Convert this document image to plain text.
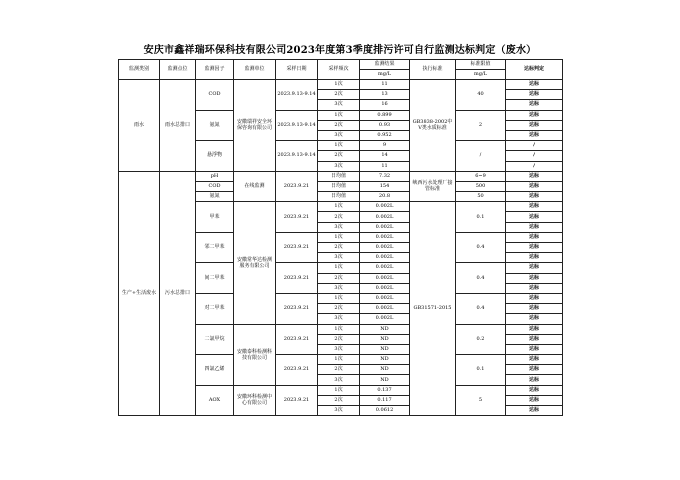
安庆市鑫祥瑞环保科技有限公司2023年度第3季度排污许可自行监测达标判定（废水）
监测类别	监测点位	监测因子	监测单位	采样日期	采样频次	监测结果	执行标准	标准限值	达标判定
						mg/L		mg/L	
雨水	雨水总排口	COD	安徽瑞祥安全环保咨询有限公司	2023.9.13-9.14	1次	11	GB3838-2002中Ⅴ类水质标准	40	达标
					2次	13			达标
					3次	16			达标
		氨氮		2023.9.13-9.14	1次	0.899		2	达标
					2次	0.93			达标
					3次	0.952			达标
		悬浮物		2023.9.13-9.14	1次	9		/	/
					2次	14			/
					3次	11			/
生产+生活废水	污水总排口	pH	在线监测	2023.9.21	日均值	7.32	峡西污水处理厂接管标准	6~9	达标
		COD			日均值	154		500	达标
		氨氮			日均值	20.8		50	达标
		甲苯	安徽常华达检测服务有限公司	2023.9.21	1次	0.002L	GB31571-2015	0.1	达标
					2次	0.002L			达标
					3次	0.002L			达标
		邻二甲苯		2023.9.21	1次	0.002L		0.4	达标
					2次	0.002L			达标
					3次	0.002L			达标
		间二甲苯		2023.9.21	1次	0.002L		0.4	达标
					2次	0.002L			达标
					3次	0.002L			达标
		对二甲苯		2023.9.21	1次	0.002L		0.4	达标
					2次	0.002L			达标
					3次	0.002L			达标
		二氯甲烷	安徽泰科检测科技有限公司	2023.9.21	1次	ND		0.2	达标
					2次	ND			达标
					3次	ND			达标
		四氯乙烯		2023.9.21	1次	ND		0.1	达标
					2次	ND			达标
					3次	ND			达标
		AOX	安徽环科检测中心有限公司	2023.9.21	1次	0.137		5	达标
					2次	0.117			达标
					3次	0.0612			达标
